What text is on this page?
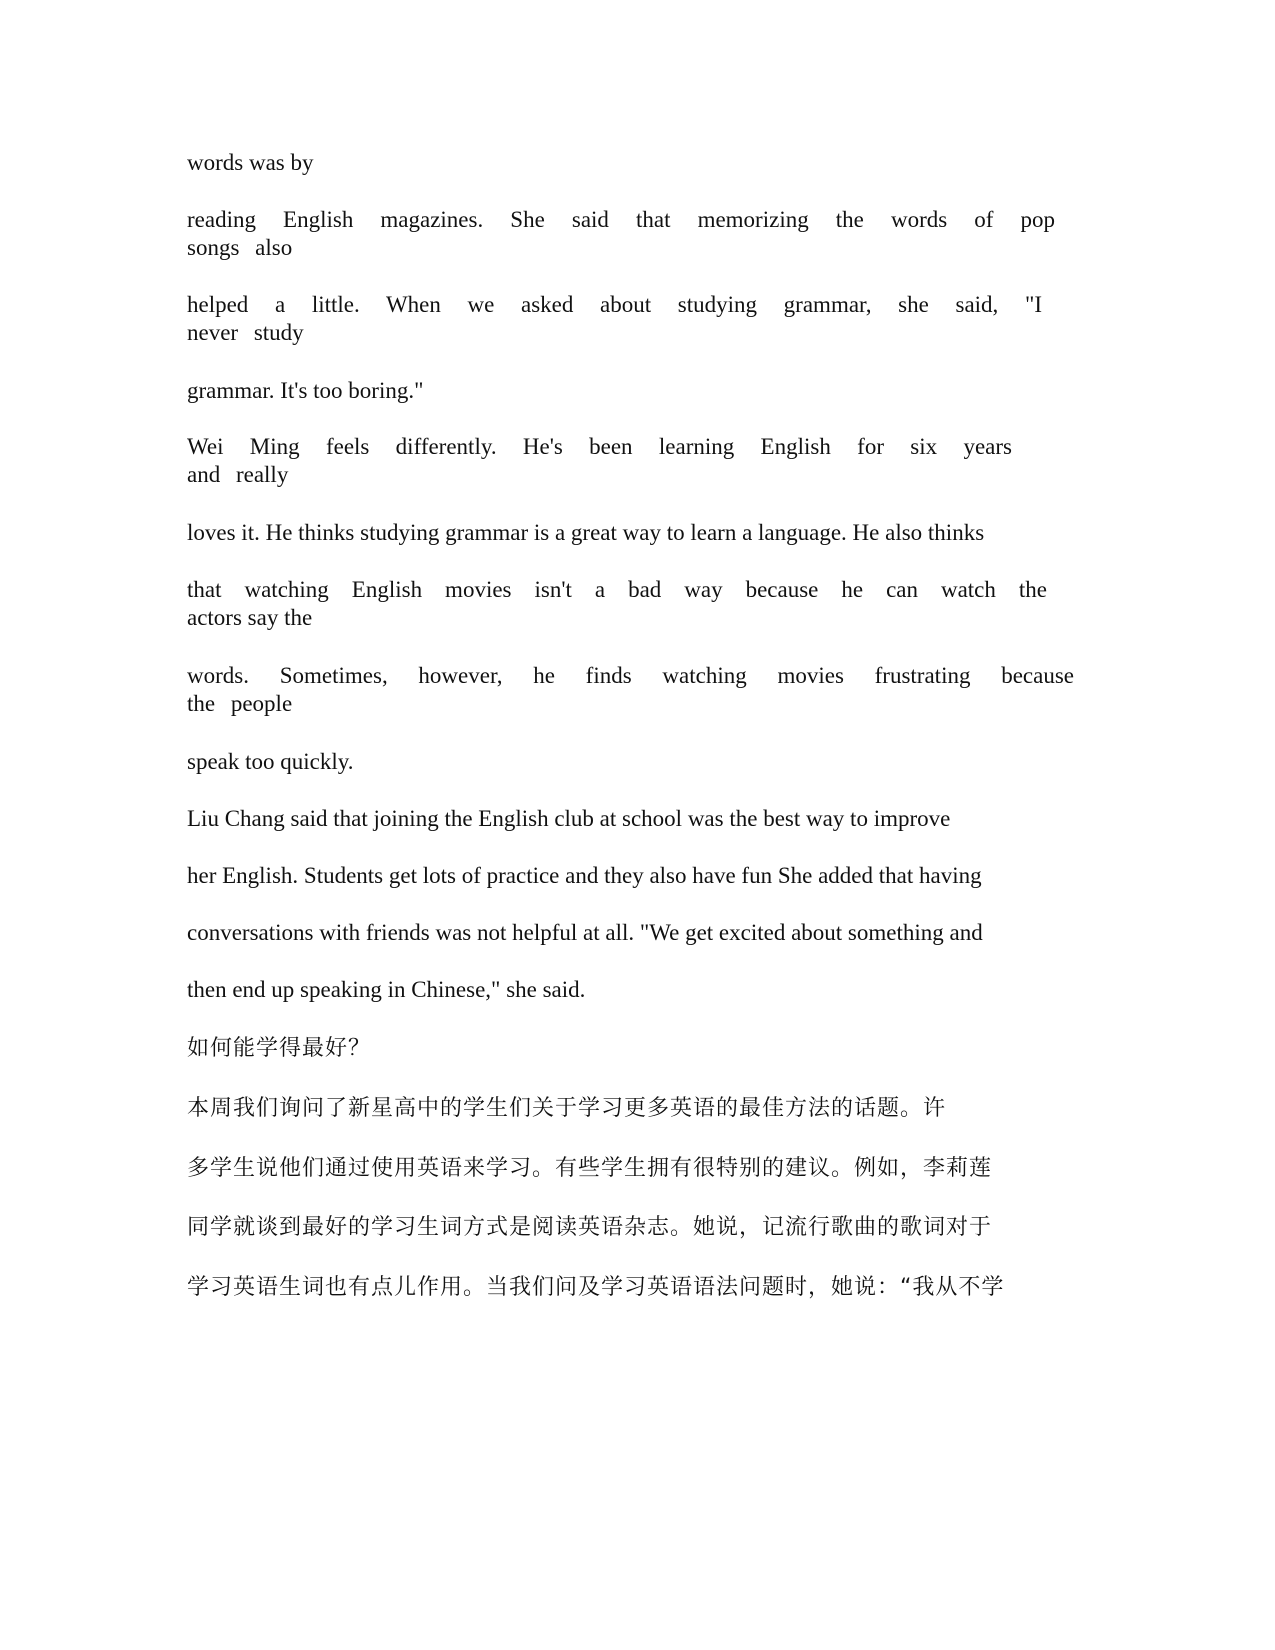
words was by
reading English magazines. She said that memorizing the words of pop
songs also
helped a little. When we asked about studying grammar, she said, "I
never study
grammar. It's too boring."
Wei Ming feels differently. He's been learning English for six years
and really
loves it. He thinks studying grammar is a great way to learn a language. He also thinks
that watching English movies isn't a bad way because he can watch the
actors say the
words. Sometimes, however, he finds watching movies frustrating because
the people
speak too quickly.
Liu Chang said that joining the English club at school was the best way to improve
her English. Students get lots of practice and they also have fun She added that having
conversations with friends was not helpful at all. "We get excited about something and
then end up speaking in Chinese," she said.
如何能学得最好？
本周我们询问了新星高中的学生们关于学习更多英语的最佳方法的话题。许
多学生说他们通过使用英语来学习。有些学生拥有很特别的建议。例如，李莉莲
同学就谈到最好的学习生词方式是阅读英语杂志。她说，记流行歌曲的歌词对于
学习英语生词也有点儿作用。当我们问及学习英语语法问题时，她说：“我从不学
